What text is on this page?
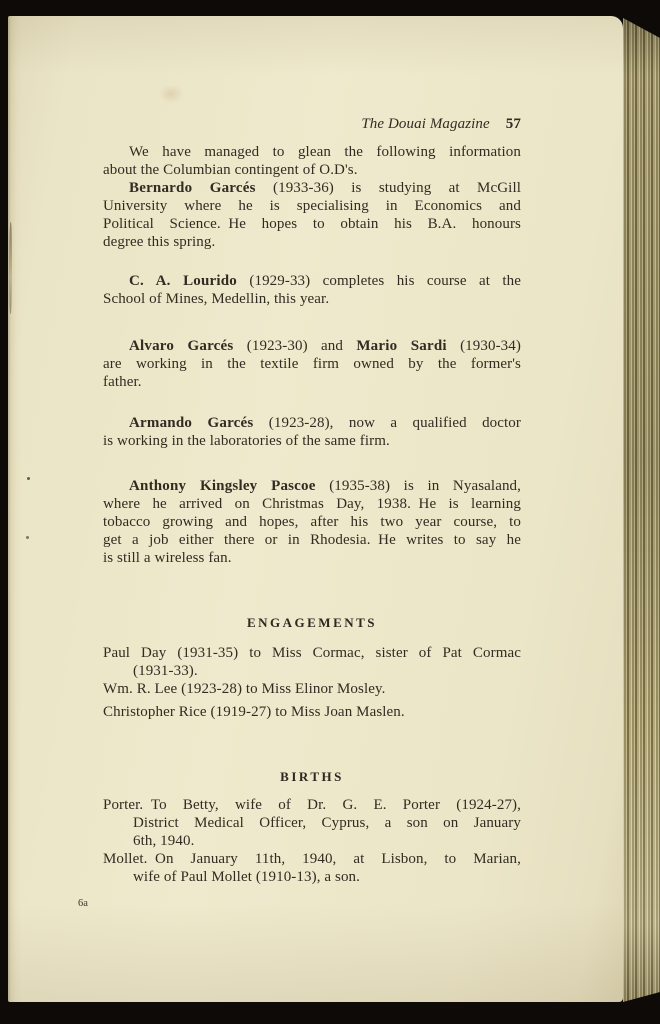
The Douai Magazine 57
We have managed to glean the following information
about the Columbian contingent of O.D's.
Bernardo Garcés (1933-36) is studying at McGill
University where he is specialising in Economics and
Political Science. He hopes to obtain his B.A. honours
degree this spring.
C. A. Lourido (1929-33) completes his course at the
School of Mines, Medellin, this year.
Alvaro Garcés (1923-30) and Mario Sardi (1930-34)
are working in the textile firm owned by the former's
father.
Armando Garcés (1923-28), now a qualified doctor
is working in the laboratories of the same firm.
Anthony Kingsley Pascoe (1935-38) is in Nyasaland,
where he arrived on Christmas Day, 1938. He is learning
tobacco growing and hopes, after his two year course, to
get a job either there or in Rhodesia. He writes to say he
is still a wireless fan.
ENGAGEMENTS
Paul Day (1931-35) to Miss Cormac, sister of Pat Cormac
(1931-33).
Wm. R. Lee (1923-28) to Miss Elinor Mosley.
Christopher Rice (1919-27) to Miss Joan Maslen.
BIRTHS
Porter. To Betty, wife of Dr. G. E. Porter (1924-27),
District Medical Officer, Cyprus, a son on January
6th, 1940.
Mollet. On January 11th, 1940, at Lisbon, to Marian,
wife of Paul Mollet (1910-13), a son.
6a
